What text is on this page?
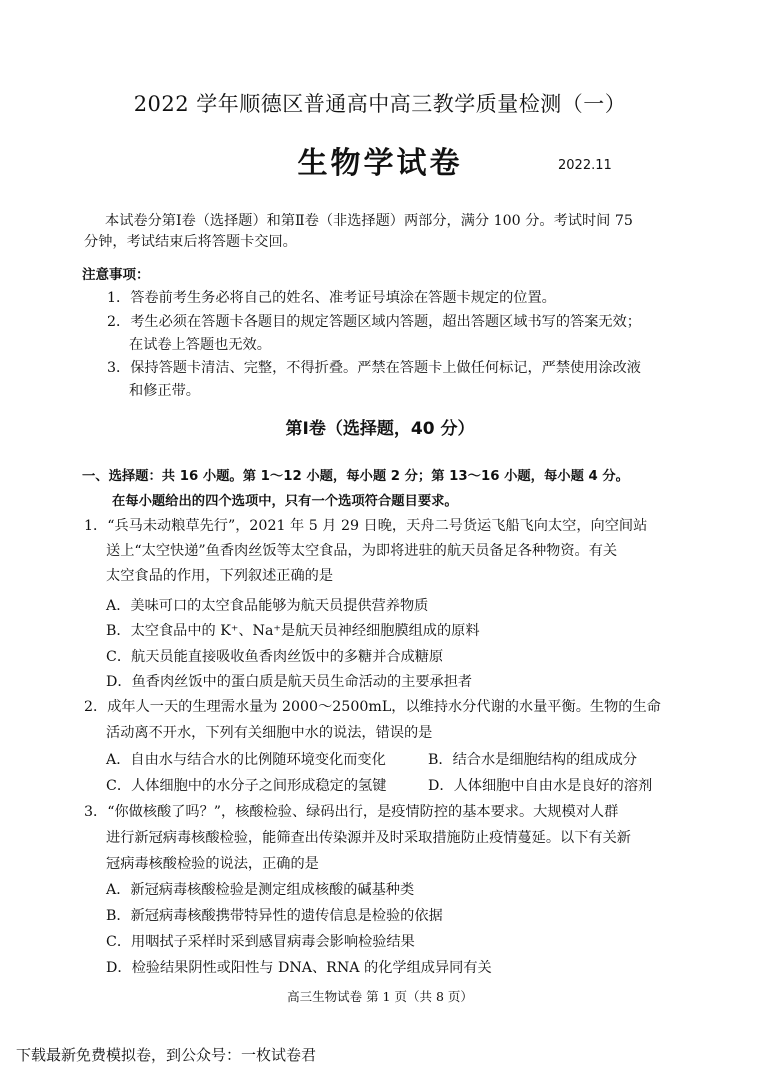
2022 学年顺德区普通高中高三教学质量检测（一）
生物学试卷	2022.11
本试卷分第Ⅰ卷（选择题）和第Ⅱ卷（非选择题）两部分，满分 100 分。考试时间 75
分钟，考试结束后将答题卡交回。
注意事项：
1．答卷前考生务必将自己的姓名、准考证号填涂在答题卡规定的位置。
2．考生必须在答题卡各题目的规定答题区域内答题，超出答题区域书写的答案无效；
在试卷上答题也无效。
3．保持答题卡清洁、完整，不得折叠。严禁在答题卡上做任何标记，严禁使用涂改液
和修正带。
第Ⅰ卷（选择题，40 分）
一、选择题：共 16 小题。第 1～12 小题，每小题 2 分；第 13～16 小题，每小题 4 分。
在每小题给出的四个选项中，只有一个选项符合题目要求。
1．“兵马未动粮草先行”，2021 年 5 月 29 日晚，天舟二号货运飞船飞向太空，向空间站
送上“太空快递”鱼香肉丝饭等太空食品，为即将进驻的航天员备足各种物资。有关
太空食品的作用，下列叙述正确的是
A．美味可口的太空食品能够为航天员提供营养物质
B．太空食品中的 K⁺、Na⁺是航天员神经细胞膜组成的原料
C．航天员能直接吸收鱼香肉丝饭中的多糖并合成糖原
D．鱼香肉丝饭中的蛋白质是航天员生命活动的主要承担者
2．成年人一天的生理需水量为 2000～2500mL，以维持水分代谢的水量平衡。生物的生命
活动离不开水，下列有关细胞中水的说法，错误的是
A．自由水与结合水的比例随环境变化而变化	B．结合水是细胞结构的组成成分
C．人体细胞中的水分子之间形成稳定的氢键	D．人体细胞中自由水是良好的溶剂
3．“你做核酸了吗？”，核酸检验、绿码出行，是疫情防控的基本要求。大规模对人群
进行新冠病毒核酸检验，能筛查出传染源并及时采取措施防止疫情蔓延。以下有关新
冠病毒核酸检验的说法，正确的是
A．新冠病毒核酸检验是测定组成核酸的碱基种类
B．新冠病毒核酸携带特异性的遗传信息是检验的依据
C．用咽拭子采样时采到感冒病毒会影响检验结果
D．检验结果阴性或阳性与 DNA、RNA 的化学组成异同有关
高三生物试卷 第 1 页（共 8 页）
下载最新免费模拟卷，到公众号：一枚试卷君
